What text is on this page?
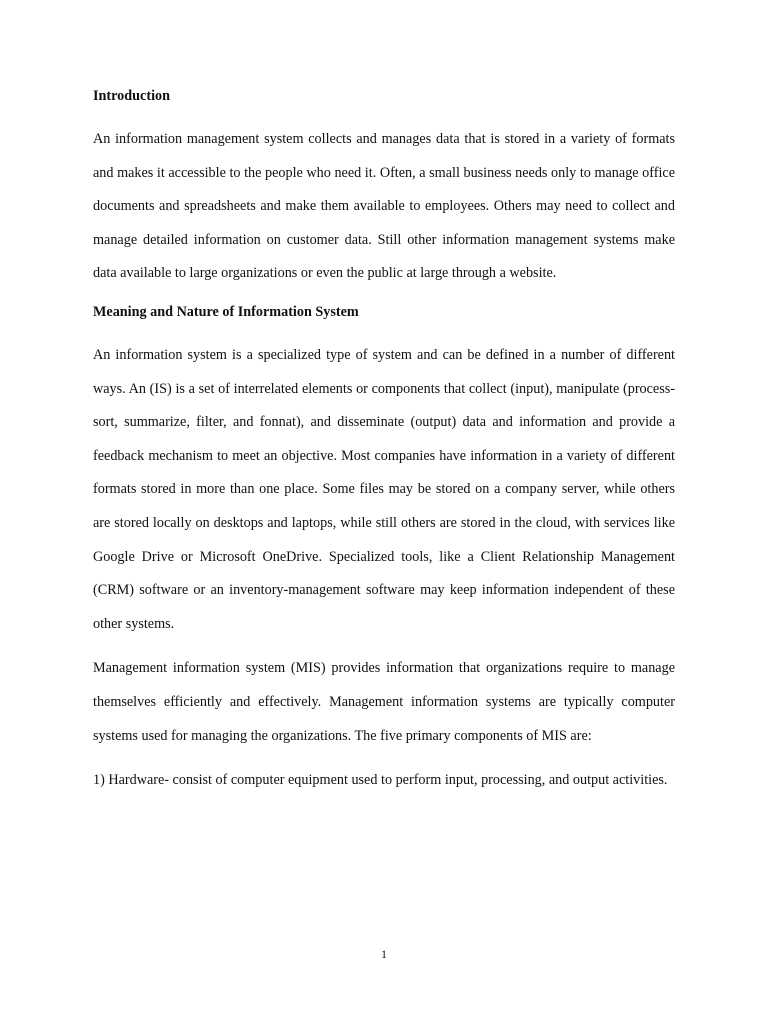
Introduction

An information management system collects and manages data that is stored in a variety of formats and makes it accessible to the people who need it. Often, a small business needs only to manage office documents and spreadsheets and make them available to employees. Others may need to collect and manage detailed information on customer data. Still other information management systems make data available to large organizations or even the public at large through a website.

Meaning and Nature of Information System

An information system is a specialized type of system and can be defined in a number of different ways. An (IS) is a set of interrelated elements or components that collect (input), manipulate (process-sort, summarize, filter, and fonnat), and disseminate (output) data and information and provide a feedback mechanism to meet an objective. Most companies have information in a variety of different formats stored in more than one place. Some files may be stored on a company server, while others are stored locally on desktops and laptops, while still others are stored in the cloud, with services like Google Drive or Microsoft OneDrive. Specialized tools, like a Client Relationship Management (CRM) software or an inventory-management software may keep information independent of these other systems.

Management information system (MIS) provides information that organizations require to manage themselves efficiently and effectively. Management information systems are typically computer systems used for managing the organizations. The five primary components of MIS are:

1) Hardware- consist of computer equipment used to perform input, processing, and output activities.

1
